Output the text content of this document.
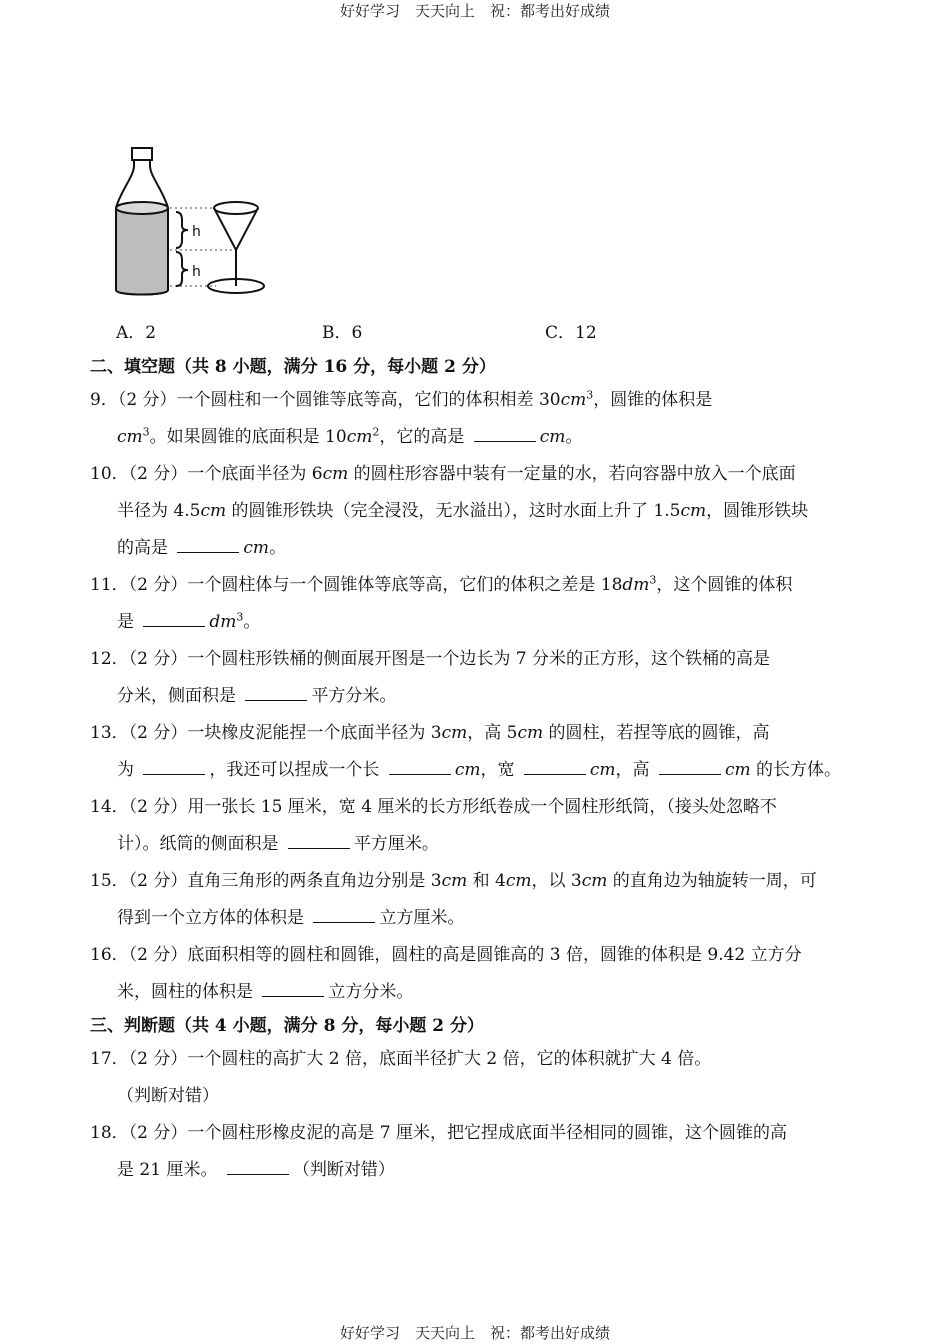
好好学习　天天向上　祝：都考出好成绩
h
h
A．2	B．6	C．12
二、填空题（共 8 小题，满分 16 分，每小题 2 分）
9．（2 分）一个圆柱和一个圆锥等底等高，它们的体积相差 $30cm^3$，圆锥的体积是
$cm^3$。如果圆锥的底面积是 $10cm^2$，它的高是	cm。
10．（2 分）一个底面半径为 6cm 的圆柱形容器中装有一定量的水，若向容器中放入一个底面
半径为 4.5cm 的圆锥形铁块（完全浸没，无水溢出），这时水面上升了 1.5cm，圆锥形铁块
的高是	cm。
11．（2 分）一个圆柱体与一个圆锥体等底等高，它们的体积之差是 $18dm^3$，这个圆锥的体积
是	$dm^3$。
12．（2 分）一个圆柱形铁桶的侧面展开图是一个边长为 7 分米的正方形，这个铁桶的高是
分米，侧面积是	平方分米。
13．（2 分）一块橡皮泥能捏一个底面半径为 3cm，高 5cm 的圆柱，若捏等底的圆锥，高
为	，我还可以捏成一个长	cm，宽	cm，高	cm 的长方体。
14．（2 分）用一张长 15 厘米，宽 4 厘米的长方形纸卷成一个圆柱形纸筒，（接头处忽略不
计）。纸筒的侧面积是	平方厘米。
15．（2 分）直角三角形的两条直角边分别是 3cm 和 4cm，以 3cm 的直角边为轴旋转一周，可
得到一个立方体的体积是	立方厘米。
16．（2 分）底面积相等的圆柱和圆锥，圆柱的高是圆锥高的 3 倍，圆锥的体积是 9.42 立方分
米，圆柱的体积是	立方分米。
三、判断题（共 4 小题，满分 8 分，每小题 2 分）
17．（2 分）一个圆柱的高扩大 2 倍，底面半径扩大 2 倍，它的体积就扩大 4 倍。
（判断对错）
18．（2 分）一个圆柱形橡皮泥的高是 7 厘米，把它捏成底面半径相同的圆锥，这个圆锥的高
是 21 厘米。	（判断对错）
好好学习　天天向上　祝：都考出好成绩
